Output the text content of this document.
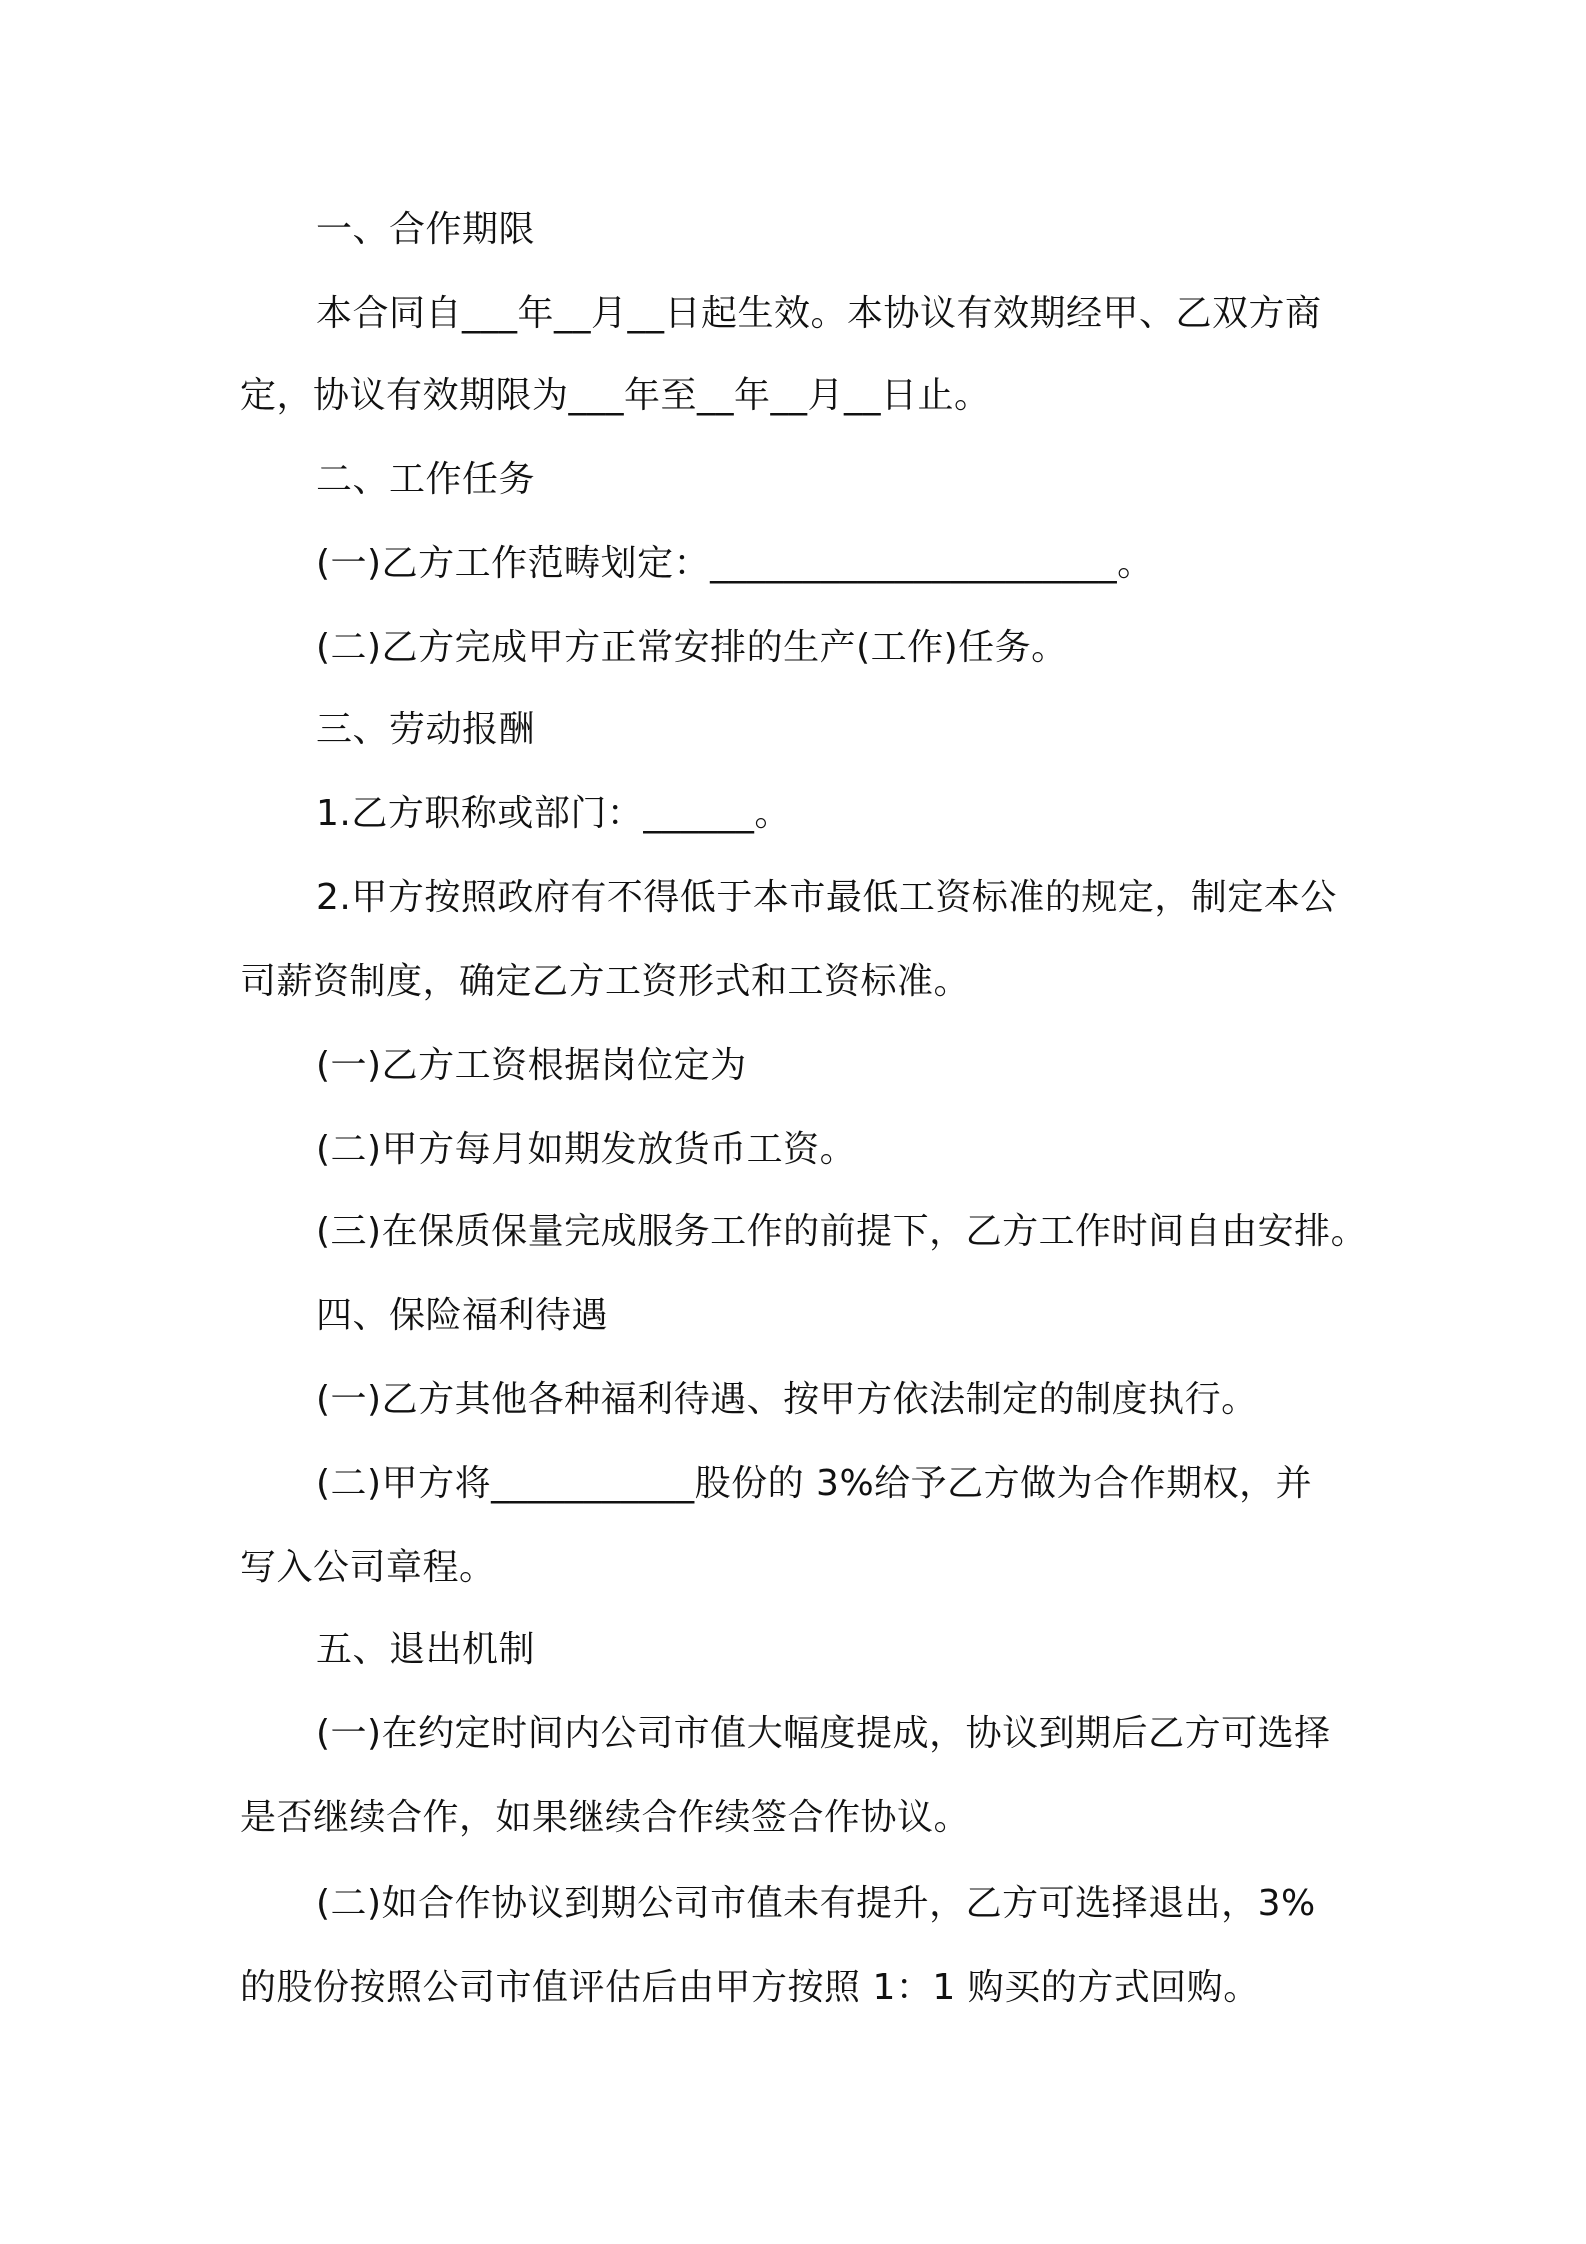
一、合作期限
本合同自___年__月__日起生效。本协议有效期经甲、乙双方商
定，协议有效期限为___年至__年__月__日止。
二、工作任务
(一)乙方工作范畴划定：______________________。
(二)乙方完成甲方正常安排的生产(工作)任务。
三、劳动报酬
1.乙方职称或部门：______。
2.甲方按照政府有不得低于本市最低工资标准的规定，制定本公
司薪资制度，确定乙方工资形式和工资标准。
(一)乙方工资根据岗位定为
(二)甲方每月如期发放货币工资。
(三)在保质保量完成服务工作的前提下，乙方工作时间自由安排。
四、保险福利待遇
(一)乙方其他各种福利待遇、按甲方依法制定的制度执行。
(二)甲方将___________股份的 3%给予乙方做为合作期权，并
写入公司章程。
五、退出机制
(一)在约定时间内公司市值大幅度提成，协议到期后乙方可选择
是否继续合作，如果继续合作续签合作协议。
(二)如合作协议到期公司市值未有提升，乙方可选择退出，3%
的股份按照公司市值评估后由甲方按照 1：1 购买的方式回购。
